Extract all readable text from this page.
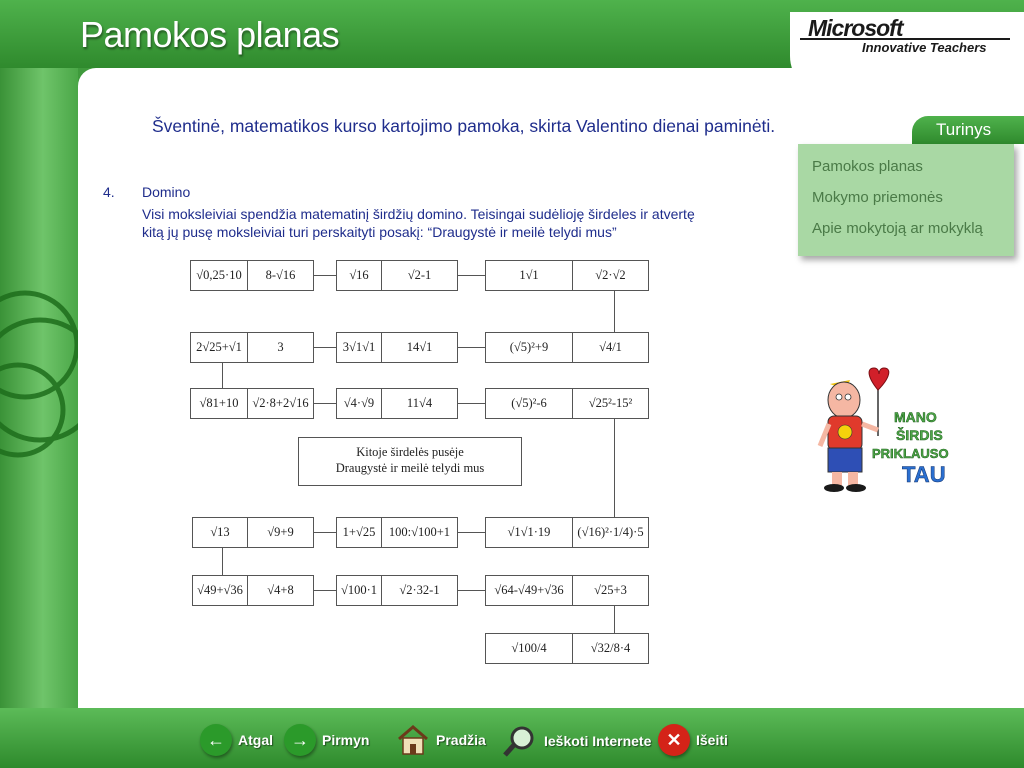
Pamokos planas	Microsoft
Innovative Teachers
Šventinė, matematikos kurso kartojimo pamoka, skirta Valentino dienai paminėti.
4. Domino
Visi moksleiviai spendžia matematinį širdžių domino. Teisingai sudėlioję širdeles ir atvertę
kitą jų pusę moksleiviai turi perskaityti posakį: “Draugystė ir meilė telydi mus”
Turinys
Pamokos planas
Mokymo priemonės
Apie mokytoją ar mokyklą
√0,25·10	8-√16	√16	√2-1	1√1	√2·√2
2√25+√1	3	3√1√1	14√1	(√5)²+9	√4/1
√81+10	√2·8+2√16	√4·√9	11√4	(√5)²-6	√25²-15²
Kitoje širdelės pusėje
Draugystė ir meilė telydi mus
√13	√9+9	1+√25	100:√100+1	√1√1·19	(√16)²·1/4)·5
√49+√36	√4+8	√100·1	√2·32-1	√64-√49+√36	√25+3
√100/4	√32/8·4
MANO
ŠIRDIS
PRIKLAUSO
TAU
← Atgal	→ Pirmyn	Pradžia	Ieškoti Internete ✕	Išeiti
